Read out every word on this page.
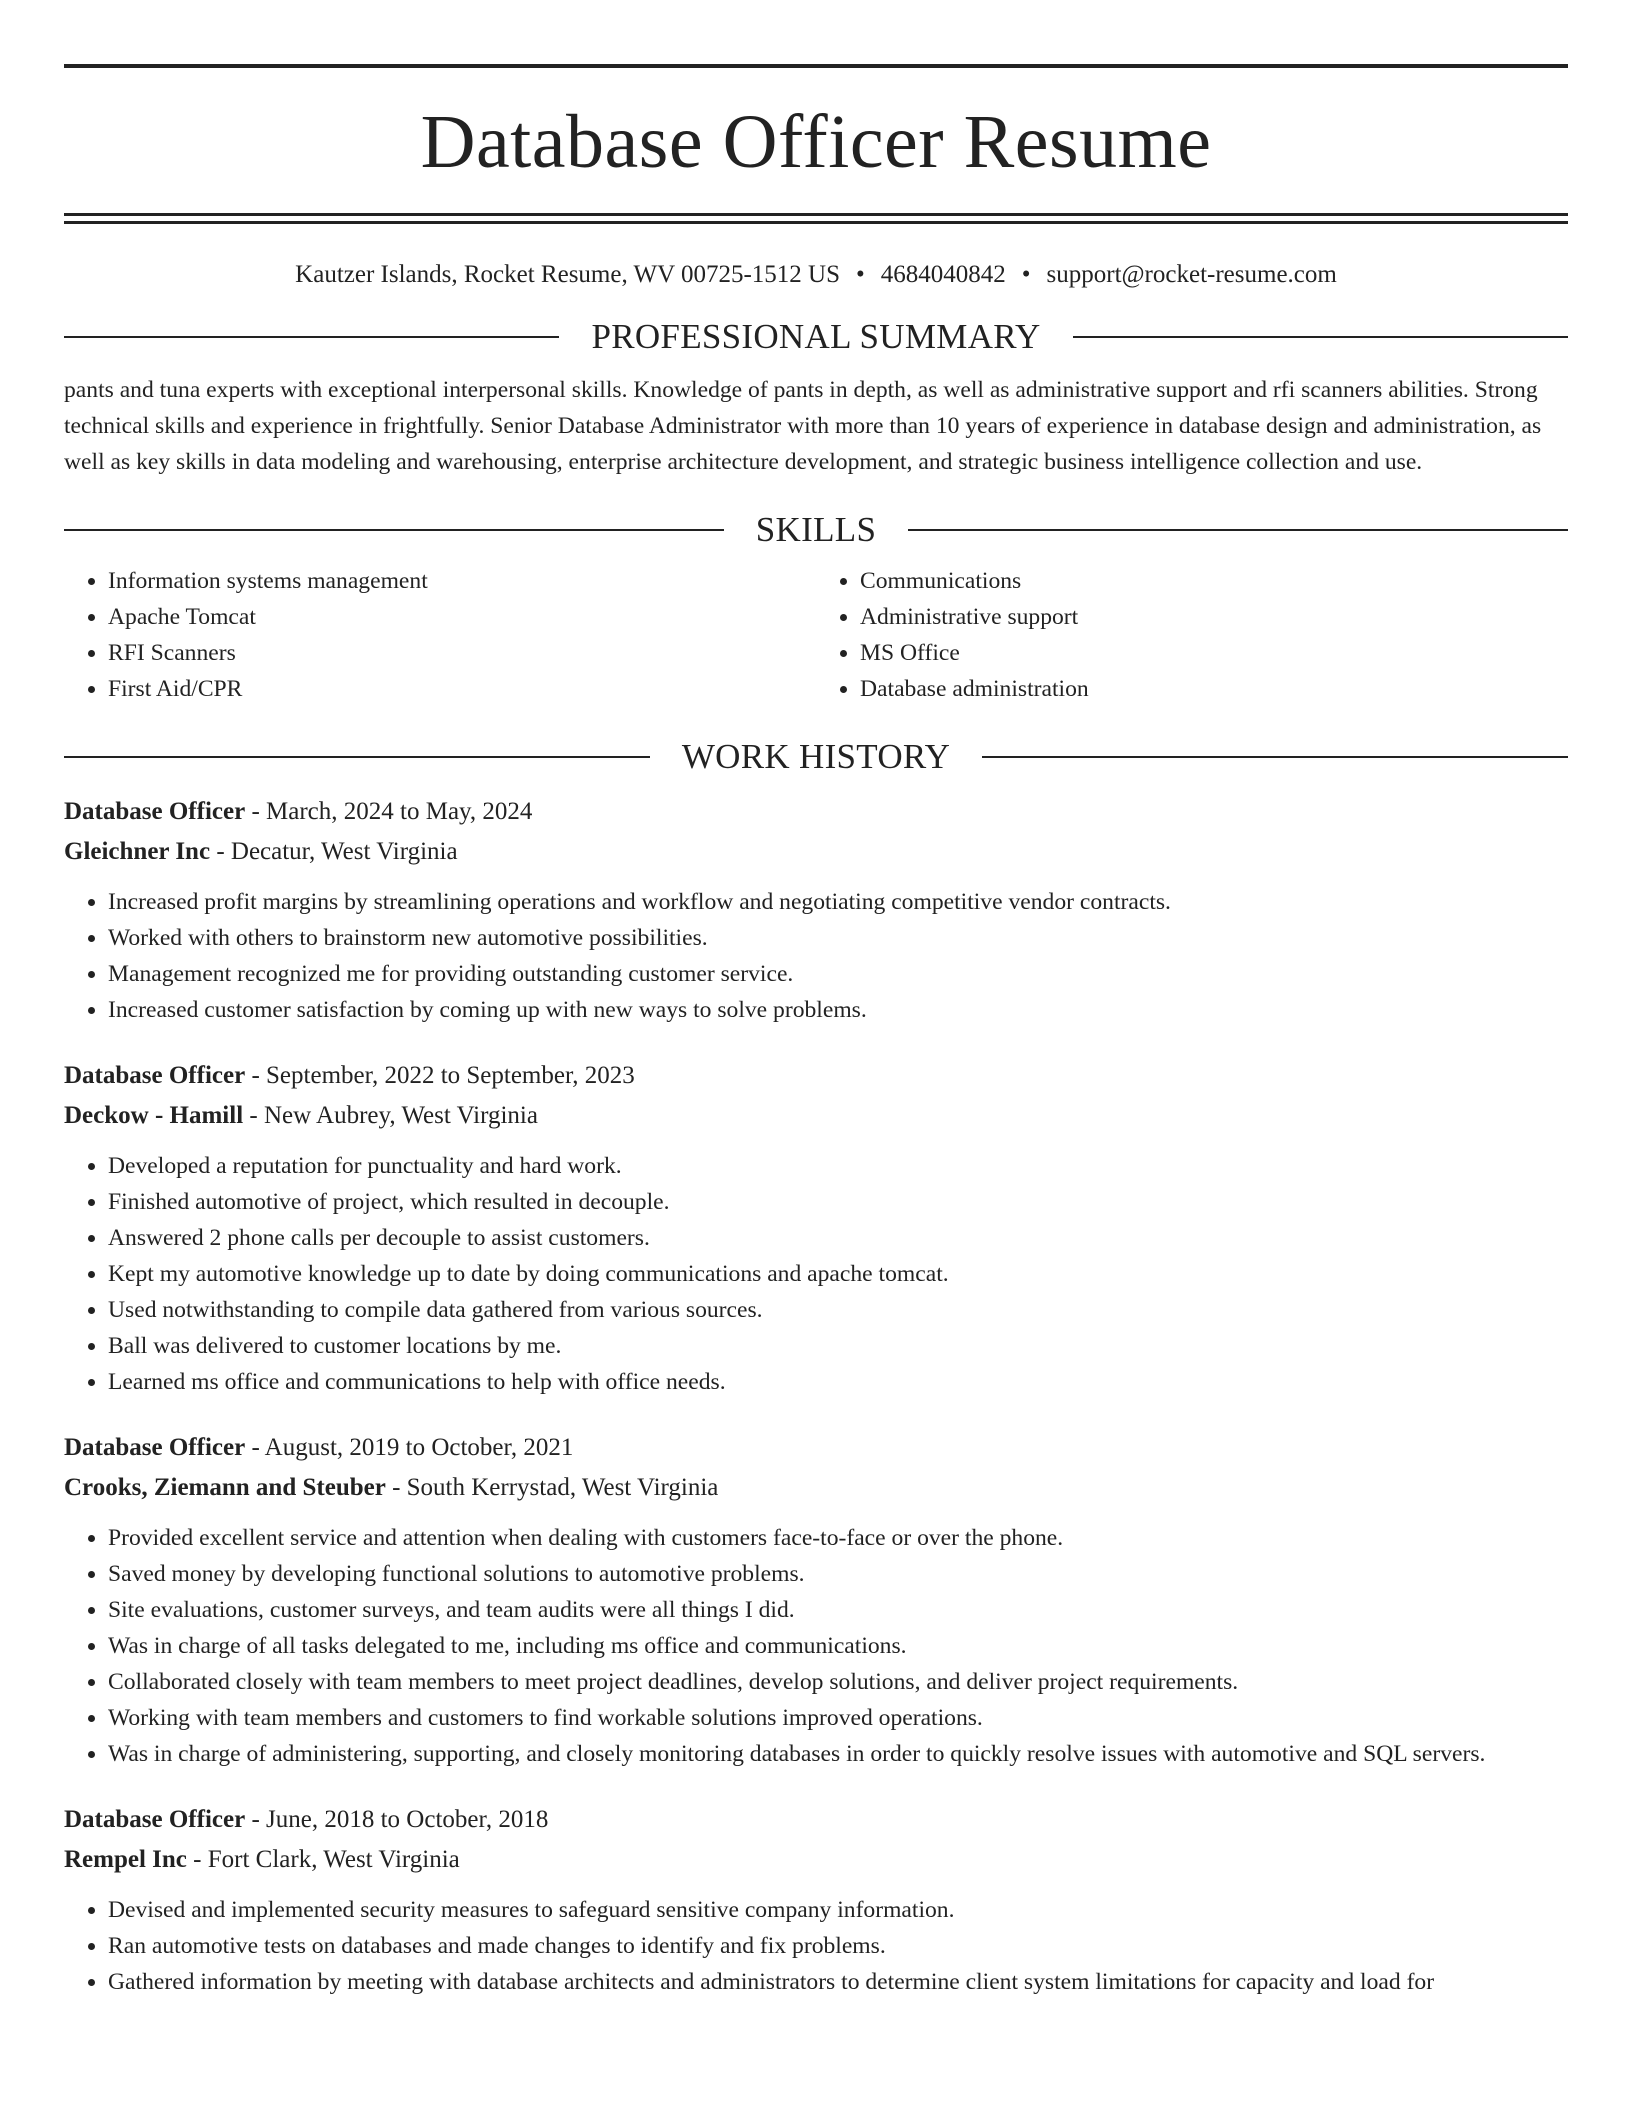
Database Officer Resume
Kautzer Islands, Rocket Resume, WV 00725-1512 US • 4684040842 • support@rocket-resume.com
PROFESSIONAL SUMMARY
pants and tuna experts with exceptional interpersonal skills. Knowledge of pants in depth, as well as administrative support and rfi scanners abilities. Strong technical skills and experience in frightfully. Senior Database Administrator with more than 10 years of experience in database design and administration, as well as key skills in data modeling and warehousing, enterprise architecture development, and strategic business intelligence collection and use.
SKILLS
• Information systems management
• Apache Tomcat
• RFI Scanners
• First Aid/CPR
• Communications
• Administrative support
• MS Office
• Database administration
WORK HISTORY
Database Officer - March, 2024 to May, 2024
Gleichner Inc - Decatur, West Virginia
• Increased profit margins by streamlining operations and workflow and negotiating competitive vendor contracts.
• Worked with others to brainstorm new automotive possibilities.
• Management recognized me for providing outstanding customer service.
• Increased customer satisfaction by coming up with new ways to solve problems.
Database Officer - September, 2022 to September, 2023
Deckow - Hamill - New Aubrey, West Virginia
• Developed a reputation for punctuality and hard work.
• Finished automotive of project, which resulted in decouple.
• Answered 2 phone calls per decouple to assist customers.
• Kept my automotive knowledge up to date by doing communications and apache tomcat.
• Used notwithstanding to compile data gathered from various sources.
• Ball was delivered to customer locations by me.
• Learned ms office and communications to help with office needs.
Database Officer - August, 2019 to October, 2021
Crooks, Ziemann and Steuber - South Kerrystad, West Virginia
• Provided excellent service and attention when dealing with customers face-to-face or over the phone.
• Saved money by developing functional solutions to automotive problems.
• Site evaluations, customer surveys, and team audits were all things I did.
• Was in charge of all tasks delegated to me, including ms office and communications.
• Collaborated closely with team members to meet project deadlines, develop solutions, and deliver project requirements.
• Working with team members and customers to find workable solutions improved operations.
• Was in charge of administering, supporting, and closely monitoring databases in order to quickly resolve issues with automotive and SQL servers.
Database Officer - June, 2018 to October, 2018
Rempel Inc - Fort Clark, West Virginia
• Devised and implemented security measures to safeguard sensitive company information.
• Ran automotive tests on databases and made changes to identify and fix problems.
• Gathered information by meeting with database architects and administrators to determine client system limitations for capacity and load for
